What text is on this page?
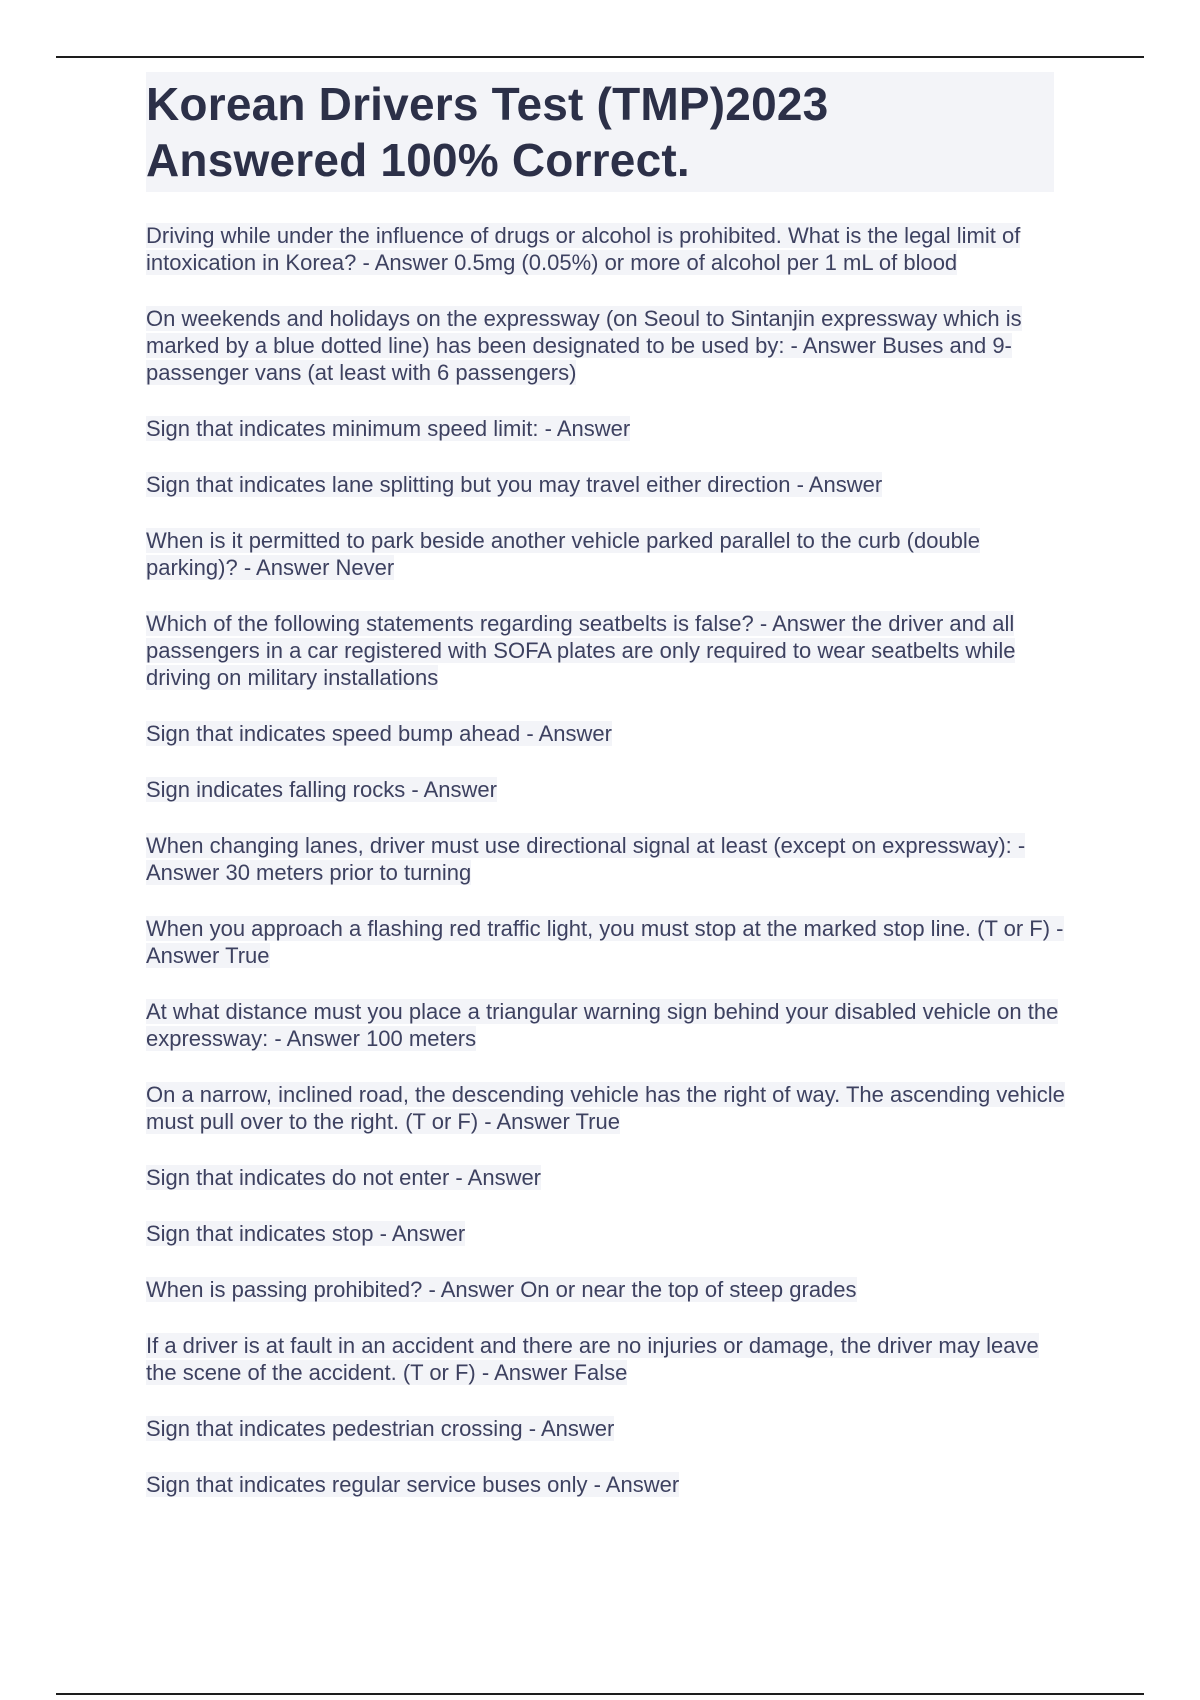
Korean Drivers Test (TMP)2023
Answered 100% Correct.

Driving while under the influence of drugs or alcohol is prohibited. What is the legal limit of intoxication in Korea? - Answer 0.5mg (0.05%) or more of alcohol per 1 mL of blood

On weekends and holidays on the expressway (on Seoul to Sintanjin expressway which is marked by a blue dotted line) has been designated to be used by: - Answer Buses and 9-passenger vans (at least with 6 passengers)

Sign that indicates minimum speed limit: - Answer

Sign that indicates lane splitting but you may travel either direction - Answer

When is it permitted to park beside another vehicle parked parallel to the curb (double parking)? - Answer Never

Which of the following statements regarding seatbelts is false? - Answer the driver and all passengers in a car registered with SOFA plates are only required to wear seatbelts while driving on military installations

Sign that indicates speed bump ahead - Answer

Sign indicates falling rocks - Answer

When changing lanes, driver must use directional signal at least (except on expressway): - Answer 30 meters prior to turning

When you approach a flashing red traffic light, you must stop at the marked stop line. (T or F) - Answer True

At what distance must you place a triangular warning sign behind your disabled vehicle on the expressway: - Answer 100 meters

On a narrow, inclined road, the descending vehicle has the right of way. The ascending vehicle must pull over to the right. (T or F) - Answer True

Sign that indicates do not enter - Answer

Sign that indicates stop - Answer

When is passing prohibited? - Answer On or near the top of steep grades

If a driver is at fault in an accident and there are no injuries or damage, the driver may leave the scene of the accident. (T or F) - Answer False

Sign that indicates pedestrian crossing - Answer

Sign that indicates regular service buses only - Answer
